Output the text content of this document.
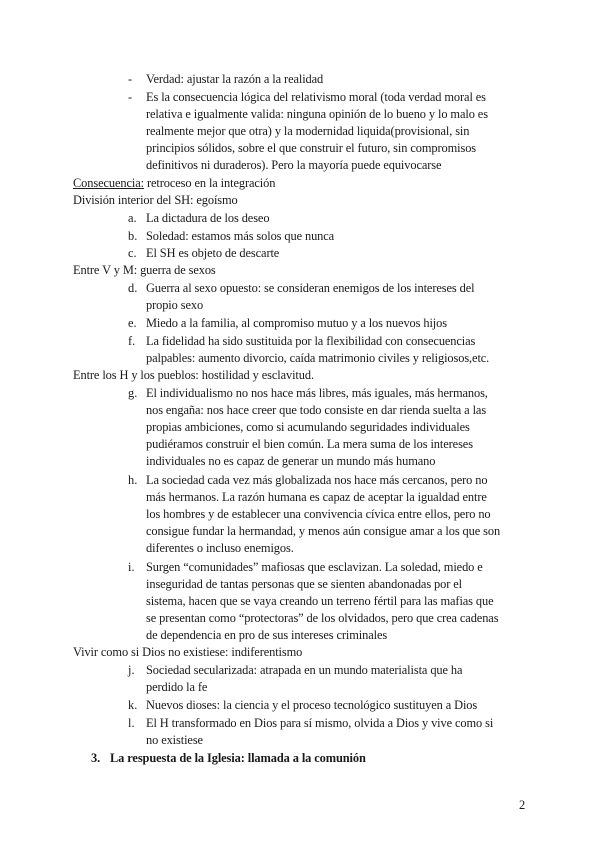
- Verdad: ajustar la razón a la realidad
- Es la consecuencia lógica del relativismo moral (toda verdad moral es
relativa e igualmente valida: ninguna opinión de lo bueno y lo malo es
realmente mejor que otra) y la modernidad liquida(provisional, sin
principios sólidos, sobre el que construir el futuro, sin compromisos
definitivos ni duraderos). Pero la mayoría puede equivocarse
Consecuencia: retroceso en la integración
División interior del SH: egoísmo
a. La dictadura de los deseo
b. Soledad: estamos más solos que nunca
c. El SH es objeto de descarte
Entre V y M: guerra de sexos
d. Guerra al sexo opuesto: se consideran enemigos de los intereses del
propio sexo
e. Miedo a la familia, al compromiso mutuo y a los nuevos hijos
f. La fidelidad ha sido sustituida por la flexibilidad con consecuencias
palpables: aumento divorcio, caída matrimonio civiles y religiosos,etc.
Entre los H y los pueblos: hostilidad y esclavitud.
g. El individualismo no nos hace más libres, más iguales, más hermanos,
nos engaña: nos hace creer que todo consiste en dar rienda suelta a las
propias ambiciones, como si acumulando seguridades individuales
pudiéramos construir el bien común. La mera suma de los intereses
individuales no es capaz de generar un mundo más humano
h. La sociedad cada vez más globalizada nos hace más cercanos, pero no
más hermanos. La razón humana es capaz de aceptar la igualdad entre
los hombres y de establecer una convivencia cívica entre ellos, pero no
consigue fundar la hermandad, y menos aún consigue amar a los que son
diferentes o incluso enemigos.
i. Surgen “comunidades” mafiosas que esclavizan. La soledad, miedo e
inseguridad de tantas personas que se sienten abandonadas por el
sistema, hacen que se vaya creando un terreno fértil para las mafias que
se presentan como “protectoras” de los olvidados, pero que crea cadenas
de dependencia en pro de sus intereses criminales
Vivir como si Dios no existiese: indiferentismo
j. Sociedad secularizada: atrapada en un mundo materialista que ha
perdido la fe
k. Nuevos dioses: la ciencia y el proceso tecnológico sustituyen a Dios
l. El H transformado en Dios para sí mismo, olvida a Dios y vive como si
no existiese
3. La respuesta de la Iglesia: llamada a la comunión
2
